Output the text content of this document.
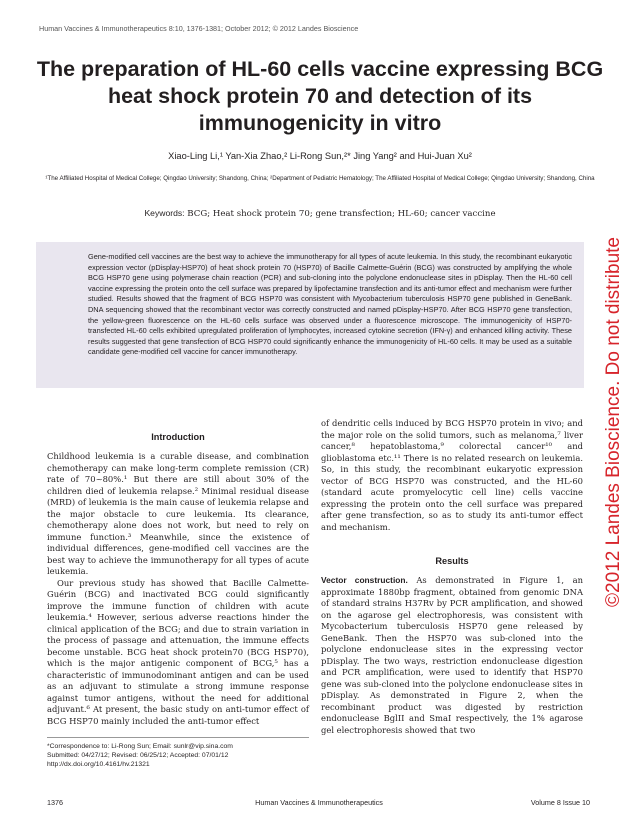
Human Vaccines & Immunotherapeutics 8:10, 1376-1381; October 2012; © 2012 Landes Bioscience
The preparation of HL-60 cells vaccine expressing BCG heat shock protein 70 and detection of its immunogenicity in vitro
Xiao-Ling Li,¹ Yan-Xia Zhao,² Li-Rong Sun,²* Jing Yang² and Hui-Juan Xu²
¹The Affiliated Hospital of Medical College; Qingdao University; Shandong, China; ²Department of Pediatric Hematology; The Affiliated Hospital of Medical College; Qingdao University; Shandong, China
Keywords: BCG; Heat shock protein 70; gene transfection; HL-60; cancer vaccine
Gene-modified cell vaccines are the best way to achieve the immunotherapy for all types of acute leukemia. In this study, the recombinant eukaryotic expression vector (pDisplay-HSP70) of heat shock protein 70 (HSP70) of Bacille Calmette-Guérin (BCG) was constructed by amplifying the whole BCG HSP70 gene using polymerase chain reaction (PCR) and sub-cloning into the polyclone endonuclease sites in pDisplay. Then the HL-60 cell vaccine expressing the protein onto the cell surface was prepared by lipofectamine transfection and its anti-tumor effect and mechanism were further studied. Results showed that the fragment of BCG HSP70 was consistent with Mycobacterium tuberculosis HSP70 gene published in GeneBank. DNA sequencing showed that the recombinant vector was correctly constructed and named pDisplay-HSP70. After BCG HSP70 gene transfection, the yellow-green fluorescence on the HL-60 cells surface was observed under a fluorescence microscope. The immunogenicity of HSP70-transfected HL-60 cells exhibited upregulated proliferation of lymphocytes, increased cytokine secretion (IFN-γ) and enhanced killing activity. These results suggested that gene transfection of BCG HSP70 could significantly enhance the immunogenicity of HL-60 cells. It may be used as a suitable candidate gene-modified cell vaccine for cancer immunotherapy.
Introduction

Childhood leukemia is a curable disease, and combination chemotherapy can make long-term complete remission (CR) rate of 70~80%.¹ But there are still about 30% of the children died of leukemia relapse.² Minimal residual disease (MRD) of leukemia is the main cause of leukemia relapse and the major obstacle to cure leukemia. Its clearance, chemotherapy alone does not work, but need to rely on immune function.³ Meanwhile, since the existence of individual differences, gene-modified cell vaccines are the best way to achieve the immunotherapy for all types of acute leukemia.

Our previous study has showed that Bacille Calmette-Guérin (BCG) and inactivated BCG could significantly improve the immune function of children with acute leukemia.⁴ However, serious adverse reactions hinder the clinical application of the BCG; and due to strain variation in the process of passage and attenuation, the immune effects become unstable. BCG heat shock protein70 (BCG HSP70), which is the major antigenic component of BCG,⁵ has a characteristic of immunodominant antigen and can be used as an adjuvant to stimulate a strong immune response against tumor antigens, without the need for additional adjuvant.⁶ At present, the basic study on anti-tumor effect of BCG HSP70 mainly included the anti-tumor effect

of dendritic cells induced by BCG HSP70 protein in vivo; and the major role on the solid tumors, such as melanoma,⁷ liver cancer,⁸ hepatoblastoma,⁹ colorectal cancer¹⁰ and glioblastoma etc.¹¹ There is no related research on leukemia. So, in this study, the recombinant eukaryotic expression vector of BCG HSP70 was constructed, and the HL-60 (standard acute promyelocytic cell line) cells vaccine expressing the protein onto the cell surface was prepared after gene transfection, so as to study its anti-tumor effect and mechanism.

Results

Vector construction. As demonstrated in Figure 1, an approximate 1880bp fragment, obtained from genomic DNA of standard strains H37Rv by PCR amplification, and showed on the agarose gel electrophoresis, was consistent with Mycobacterium tuberculosis HSP70 gene released by GeneBank. Then the HSP70 was sub-cloned into the polyclone endonuclease sites in the expressing vector pDisplay. The two ways, restriction endonuclease digestion and PCR amplification, were used to identify that HSP70 gene was sub-cloned into the polyclone endonuclease sites in pDisplay. As demonstrated in Figure 2, when the recombinant product was digested by restriction endonuclease BglII and SmaI respectively, the 1% agarose gel electrophoresis showed that two

*Correspondence to: Li-Rong Sun; Email: sunlr@vip.sina.com
Submitted: 04/27/12; Revised: 06/25/12; Accepted: 07/01/12
http://dx.doi.org/10.4161/hv.21321
1376	Human Vaccines & Immunotherapeutics	Volume 8 Issue 10
©2012 Landes Bioscience. Do not distribute
